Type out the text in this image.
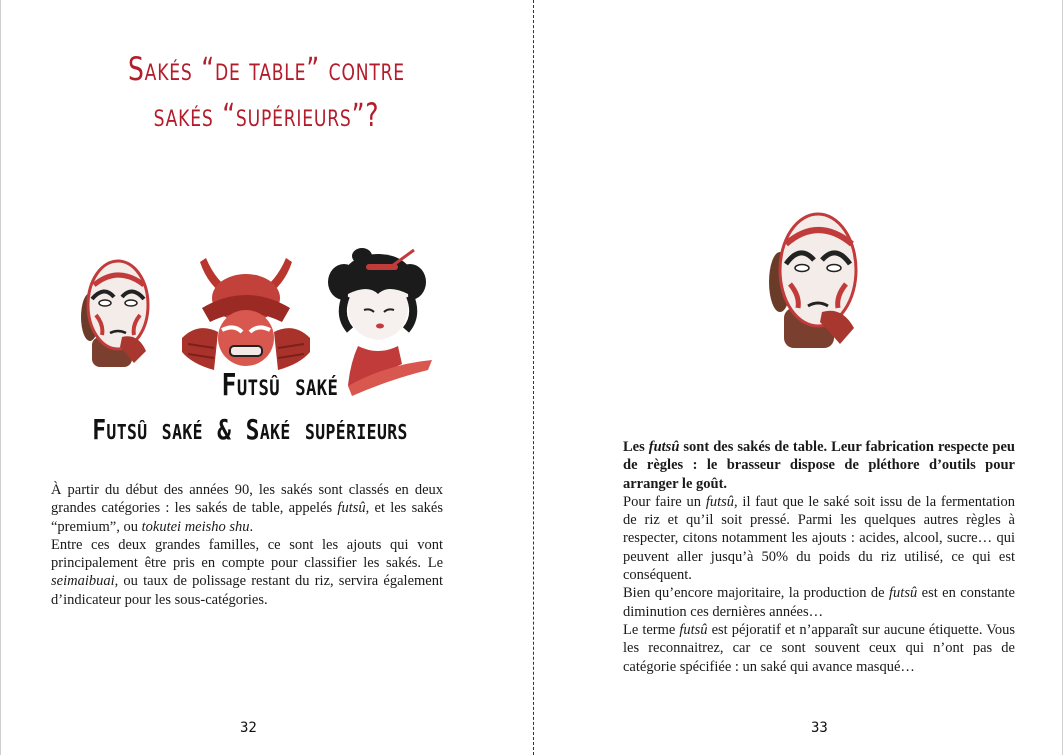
Sakés “de table” contre
sakés “supérieurs”?
Futsû saké & Saké supérieurs

À partir du début des années 90, les sakés sont classés en deux grandes catégories : les sakés de table, appelés futsû, et les sakés “premium”, ou tokutei meisho shu.

Entre ces deux grandes familles, ce sont les ajouts qui vont principalement être pris en compte pour classifier les sakés. Le seimaibuai, ou taux de polissage restant du riz, servira également d’indicateur pour les sous-catégories.

32
Futsû saké

Les futsû sont des sakés de table. Leur fabrication respecte peu de règles : le brasseur dispose de pléthore d’outils pour arranger le goût.

Pour faire un futsû, il faut que le saké soit issu de la fermentation de riz et qu’il soit pressé. Parmi les quelques autres règles à respecter, citons notamment les ajouts : acides, alcool, sucre… qui peuvent aller jusqu’à 50% du poids du riz utilisé, ce qui est conséquent.

Bien qu’encore majoritaire, la production de futsû est en constante diminution ces dernières années…

Le terme futsû est péjoratif et n’apparaît sur aucune étiquette. Vous les reconnaitrez, car ce sont souvent ceux qui n’ont pas de catégorie spécifiée : un saké qui avance masqué…

33
